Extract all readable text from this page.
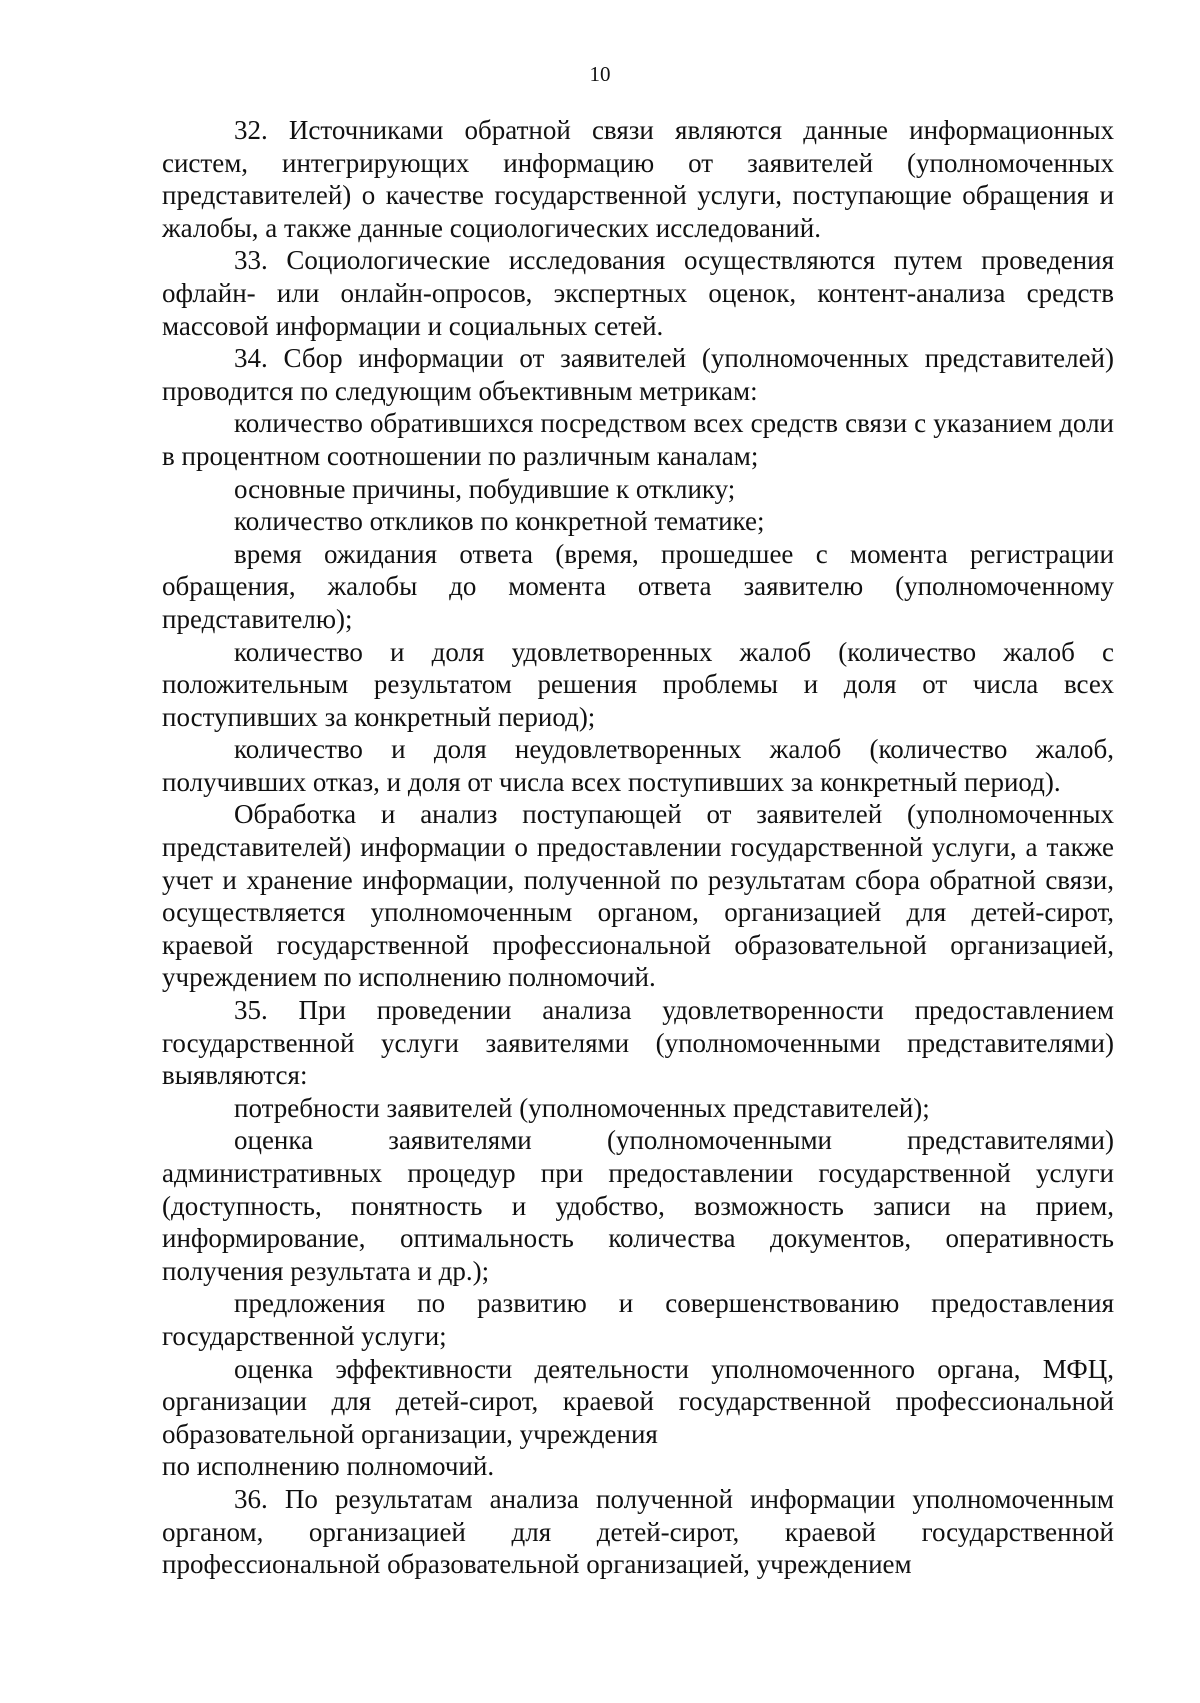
10

32. Источниками обратной связи являются данные информационных систем, интегрирующих информацию от заявителей (уполномоченных представителей) о качестве государственной услуги, поступающие обращения и жалобы, а также данные социологических исследований.

33. Социологические исследования осуществляются путем проведения офлайн- или онлайн-опросов, экспертных оценок, контент-анализа средств массовой информации и социальных сетей.

34. Сбор информации от заявителей (уполномоченных представителей) проводится по следующим объективным метрикам:

количество обратившихся посредством всех средств связи с указанием доли в процентном соотношении по различным каналам;

основные причины, побудившие к отклику;

количество откликов по конкретной тематике;

время ожидания ответа (время, прошедшее с момента регистрации обращения, жалобы до момента ответа заявителю (уполномоченному представителю);

количество и доля удовлетворенных жалоб (количество жалоб с положительным результатом решения проблемы и доля от числа всех поступивших за конкретный период);

количество и доля неудовлетворенных жалоб (количество жалоб, получивших отказ, и доля от числа всех поступивших за конкретный период).

Обработка и анализ поступающей от заявителей (уполномоченных представителей) информации о предоставлении государственной услуги, а также учет и хранение информации, полученной по результатам сбора обратной связи, осуществляется уполномоченным органом, организацией для детей-сирот, краевой государственной профессиональной образовательной организацией, учреждением по исполнению полномочий.

35. При проведении анализа удовлетворенности предоставлением государственной услуги заявителями (уполномоченными представителями) выявляются:

потребности заявителей (уполномоченных представителей);

оценка заявителями (уполномоченными представителями) административных процедур при предоставлении государственной услуги (доступность, понятность и удобство, возможность записи на прием, информирование, оптимальность количества документов, оперативность получения результата и др.);

предложения по развитию и совершенствованию предоставления государственной услуги;

оценка эффективности деятельности уполномоченного органа, МФЦ, организации для детей-сирот, краевой государственной профессиональной образовательной организации, учреждения

по исполнению полномочий.

36. По результатам анализа полученной информации уполномоченным органом, организацией для детей-сирот, краевой государственной профессиональной образовательной организацией, учреждением
